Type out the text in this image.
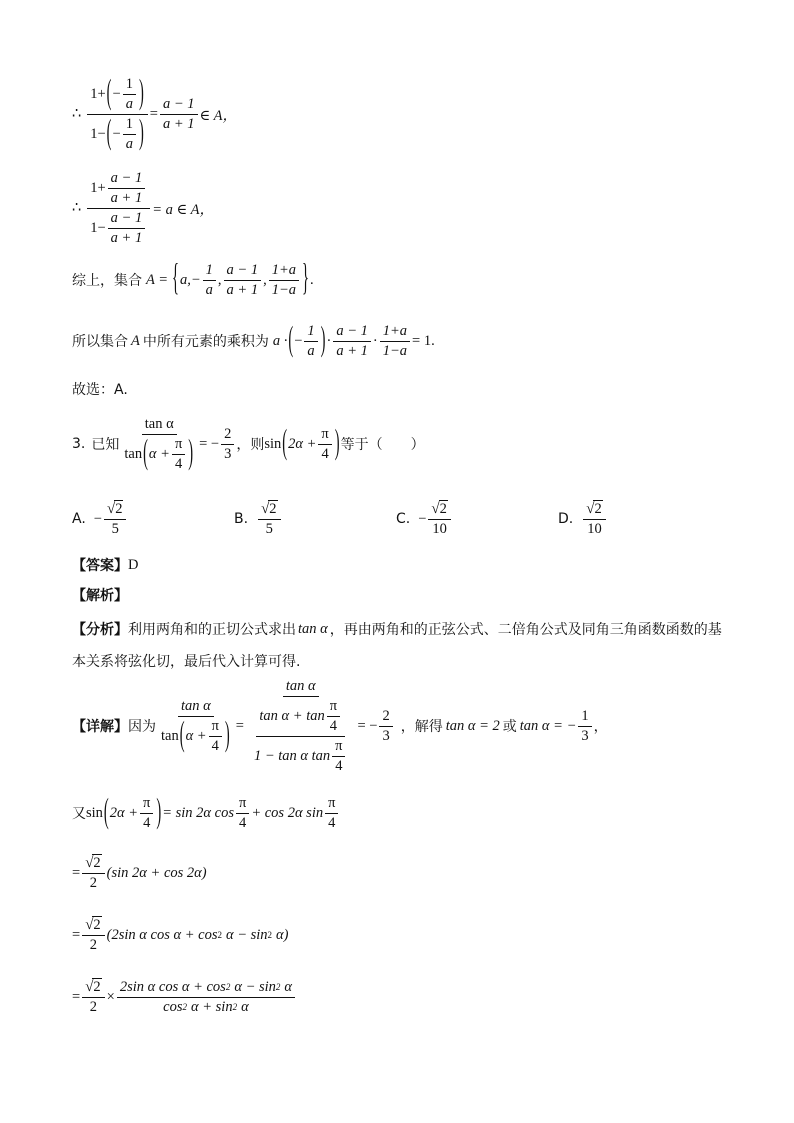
∴ $\frac{1 + ( - \frac{1}{a} )}{1 - ( - \frac{1}{a} )} = \frac{a - 1}{a + 1}$ ∈ A，
∴ $\frac{1 + \frac{a - 1}{a + 1}}{1 - \frac{a - 1}{a + 1}} = a$ ∈ A，
综上，集合 A = { $a,- \frac{1}{a}$ , $\frac{a - 1}{a + 1}$ , $\frac{1+a}{1-a}$ } .
所以集合 A 中所有元素的乘积为 a · ( − $\frac{1}{a}$ ) · $\frac{a - 1}{a + 1} \cdot \frac{1+a}{1-a} = 1$.
故选：A.
3. 已知 $\frac{\text{tan α}}{\tan ( \alpha + \frac{\pi}{4} )}$ = − $\frac{2}{3}$ ，则 sin ( $2\alpha + \frac{\pi}{4}$ ) 等于（　　）
A. − $\frac{√ 2}{5}$	B. $\frac{√ 2}{5}$	C. − $\frac{√ 2}{10}$	D. $\frac{√ 2}{10}$
【答案】 D
【解析】
【分析】 利用两角和的正切公式求出 tan α ，再由两角和的正弦公式、二倍角公式及同角三角函数函数的基
本关系将弦化切，最后代入计算可得.
【详解】 因为 $\frac{\text{tan α}}{\tan ( \alpha + \frac{\pi}{4} )} = \frac{\text{tan α}}{\frac{\tan \alpha + \tan \frac{\pi}{4}}{1 - \tan \alpha \tan \frac{\pi}{4}}}$ = − $\frac{2}{3}$ ，解得 tan α = 2 或 tan α = − $\frac{1}{3}$ ，
又 sin ( $2\alpha + \frac{\pi}{4}$ ) = sin 2α $\cos \frac{\pi}{4} + \cos 2\alpha$ $\sin \frac{\pi}{4}$
= $\frac{√ 2}{2} (\sin$ 2α + cos 2α)
= $\frac{√ 2}{2} (2\sin$ α cos α + cos 2 α − sin 2 α)
= $\frac{√ 2}{2} \times \frac{\text{2sin α cos α + cos 2 α − sin 2 α}}{\cos 2 \alpha + \sin 2 \alpha}$
